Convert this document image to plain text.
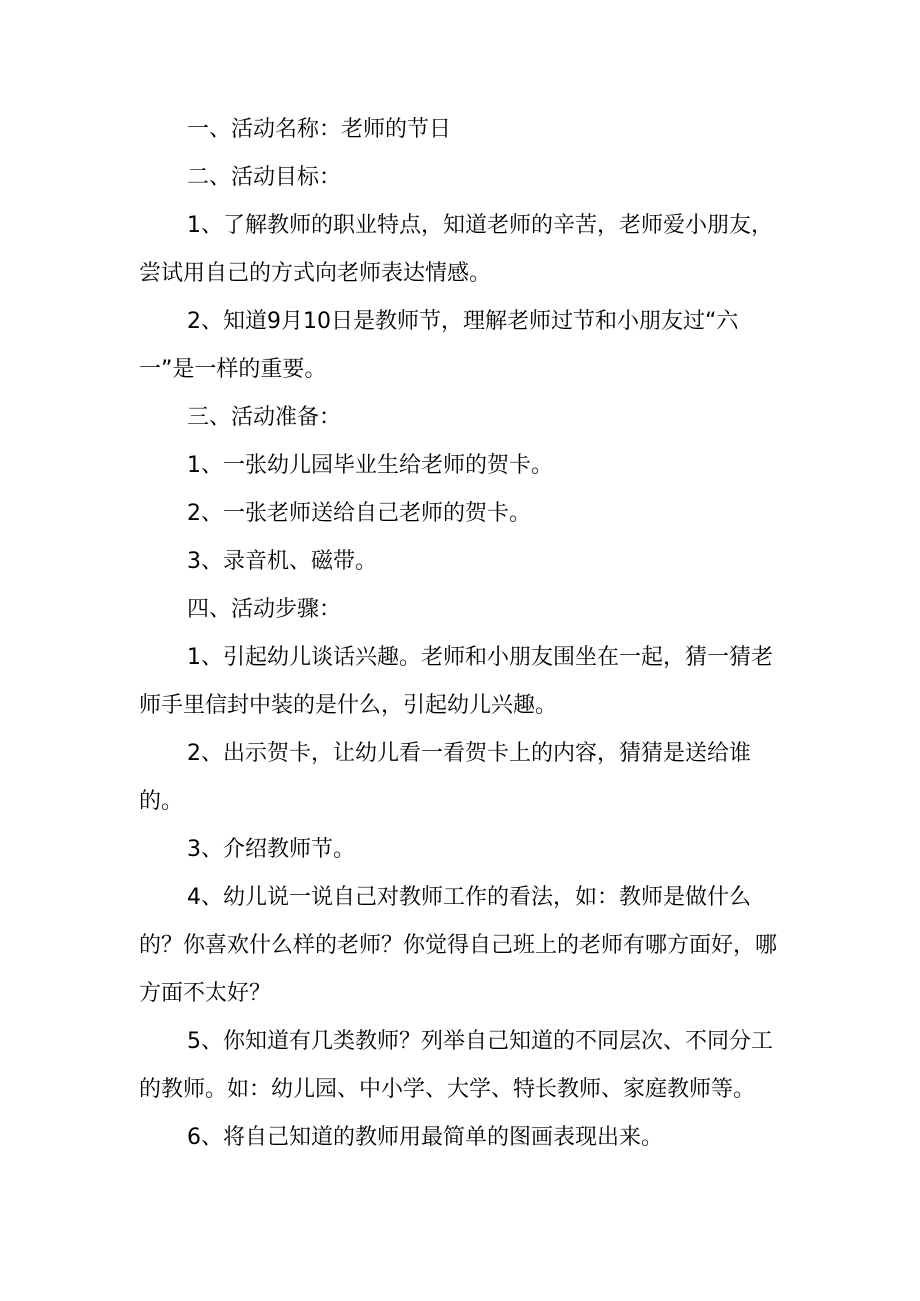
一、活动名称：老师的节日

二、活动目标：

1、了解教师的职业特点，知道老师的辛苦，老师爱小朋友，尝试用自己的方式向老师表达情感。

2、知道9月10日是教师节，理解老师过节和小朋友过“六一”是一样的重要。

三、活动准备：

1、一张幼儿园毕业生给老师的贺卡。

2、一张老师送给自己老师的贺卡。

3、录音机、磁带。

四、活动步骤：

1、引起幼儿谈话兴趣。老师和小朋友围坐在一起，猜一猜老师手里信封中装的是什么，引起幼儿兴趣。

2、出示贺卡，让幼儿看一看贺卡上的内容，猜猜是送给谁的。

3、介绍教师节。

4、幼儿说一说自己对教师工作的看法，如：教师是做什么的？你喜欢什么样的老师？你觉得自己班上的老师有哪方面好，哪方面不太好？

5、你知道有几类教师？列举自己知道的不同层次、不同分工的教师。如：幼儿园、中小学、大学、特长教师、家庭教师等。

6、将自己知道的教师用最简单的图画表现出来。
